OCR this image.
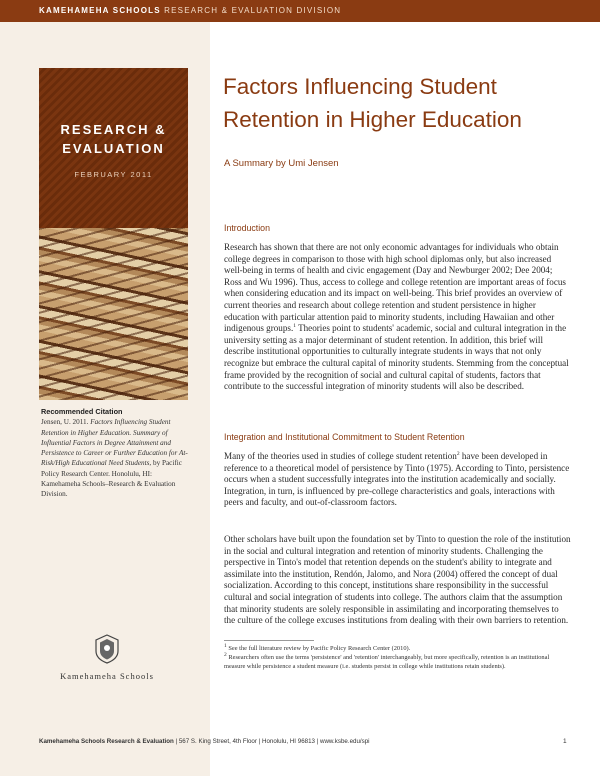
KAMEHAMEHA SCHOOLS RESEARCH & EVALUATION DIVISION
RESEARCH &
EVALUATION
FEBRUARY 2011
Recommended Citation
Jensen, U. 2011. Factors Influencing Student Retention in Higher Education. Summary of Influential Factors in Degree Attainment and Persistence to Career or Further Education for At-Risk/High Educational Need Students, by Pacific Policy Research Center. Honolulu, HI: Kamehameha Schools–Research & Evaluation Division.
Kamehameha Schools
Factors Influencing Student Retention in Higher Education
A Summary by Umi Jensen
Introduction
Research has shown that there are not only economic advantages for individuals who obtain college degrees in comparison to those with high school diplomas only, but also increased well-being in terms of health and civic engagement (Day and Newburger 2002; Dee 2004; Ross and Wu 1996). Thus, access to college and college retention are important areas of focus when considering education and its impact on well-being. This brief provides an overview of current theories and research about college retention and student persistence in higher education with particular attention paid to minority students, including Hawaiian and other indigenous groups.$^1$ Theories point to students' academic, social and cultural integration in the university setting as a major determinant of student retention. In addition, this brief will describe institutional opportunities to culturally integrate students in ways that not only recognize but embrace the cultural capital of minority students. Stemming from the conceptual frame provided by the recognition of social and cultural capital of students, factors that contribute to the successful integration of minority students will also be described.
Integration and Institutional Commitment to Student Retention
Many of the theories used in studies of college student retention$^2$ have been developed in reference to a theoretical model of persistence by Tinto (1975). According to Tinto, persistence occurs when a student successfully integrates into the institution academically and socially. Integration, in turn, is influenced by pre-college characteristics and goals, interactions with peers and faculty, and out-of-classroom factors.
Other scholars have built upon the foundation set by Tinto to question the role of the institution in the social and cultural integration and retention of minority students. Challenging the perspective in Tinto's model that retention depends on the student's ability to integrate and assimilate into the institution, Rendón, Jalomo, and Nora (2004) offered the concept of dual socialization. According to this concept, institutions share responsibility in the successful cultural and social integration of students into college. The authors claim that the assumption that minority students are solely responsible in assimilating and incorporating themselves to the culture of the college excuses institutions from dealing with their own barriers to retention.
$^1$ See the full literature review by Pacific Policy Research Center (2010).
$^2$ Researchers often use the terms 'persistence' and 'retention' interchangeably, but more specifically, retention is an institutional measure while persistence a student measure (i.e. students persist in college while institutions retain students).
Kamehameha Schools Research & Evaluation | 567 S. King Street, 4th Floor | Honolulu, HI 96813 | www.ksbe.edu/spi	1
